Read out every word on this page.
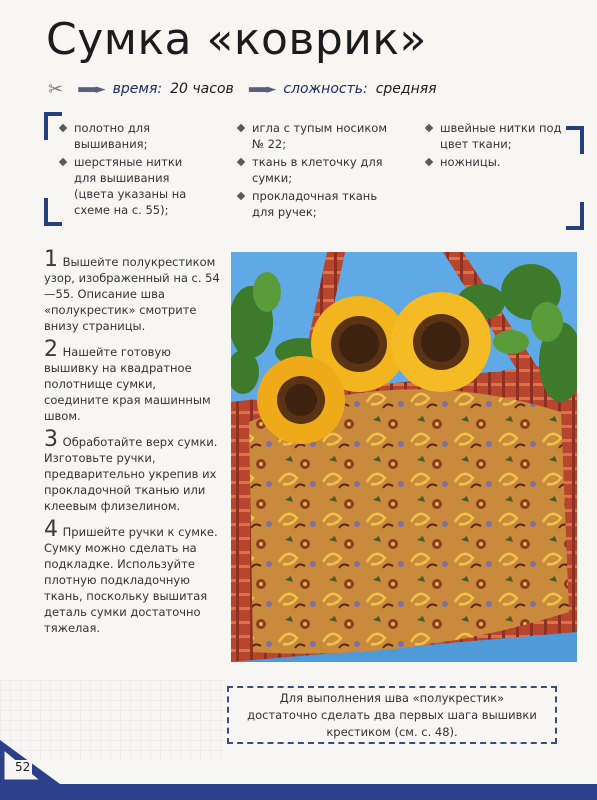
Сумка «коврик»
✂ ▬▬► время: 20 часов ▬▬► сложность: средняя
полотно для вышивания;
шерстяные нитки для вышивания (цвета указаны на схеме на с. 55);
игла с тупым носиком № 22;
ткань в клеточку для сумки;
прокладочная ткань для ручек;
швейные нитки под цвет ткани;
ножницы.
1 Вышейте полукрестиком узор, изображенный на с. 54—55. Описание шва «полукрестик» смотрите внизу страницы.
2 Нашейте готовую вышивку на квадратное полотнище сумки, соедините края машинным швом.
3 Обработайте верх сумки. Изготовьте ручки, предварительно укрепив их прокладочной тканью или клеевым флизелином.
4 Пришейте ручки к сумке. Сумку можно сделать на подкладке. Используйте плотную подкладочную ткань, поскольку вышитая деталь сумки достаточно тяжелая.
Для выполнения шва «полукрестик» достаточно сделать два первых шага вышивки крестиком (см. с. 48).
52
